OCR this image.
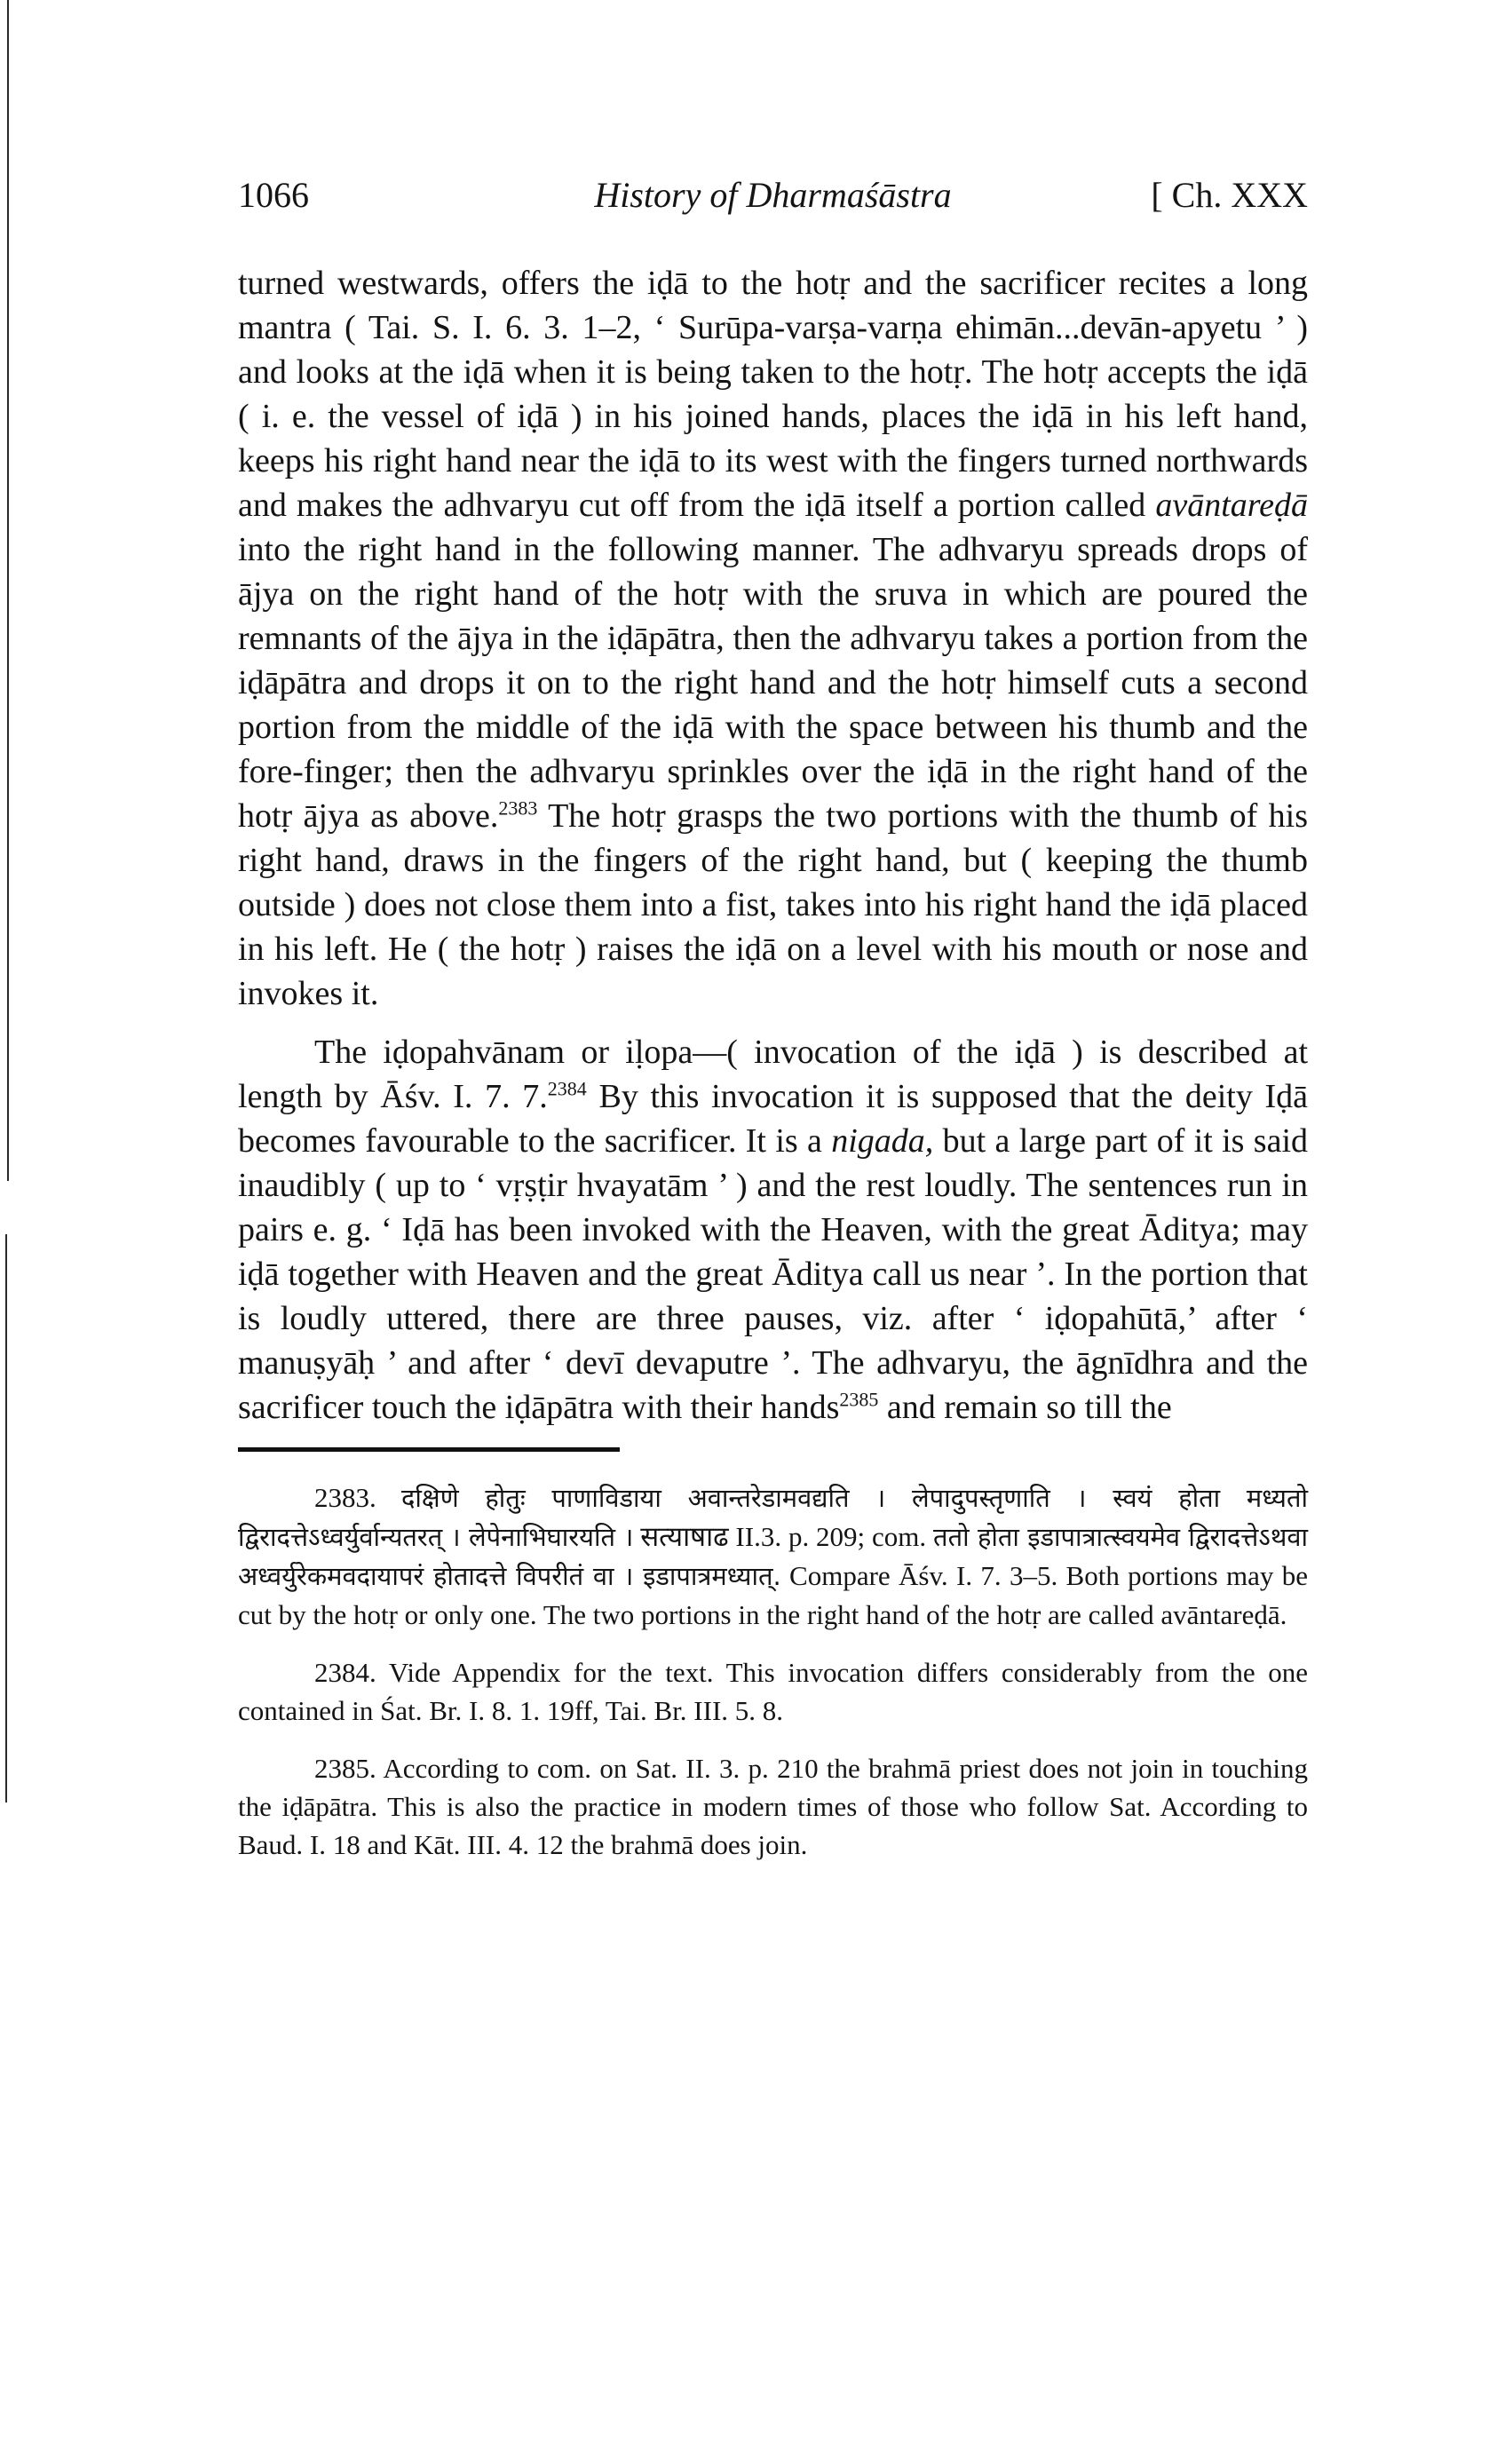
1066	History of Dharmaśāstra	[ Ch. XXX

turned westwards, offers the iḍā to the hotṛ and the sacrificer recites a long mantra ( Tai. S. I. 6. 3. 1–2, ‘ Surūpa-varṣa-varṇa ehimān...devān-apyetu ’ ) and looks at the iḍā when it is being taken to the hotṛ. The hotṛ accepts the iḍā ( i. e. the vessel of iḍā ) in his joined hands, places the iḍā in his left hand, keeps his right hand near the iḍā to its west with the fingers turned northwards and makes the adhvaryu cut off from the iḍā itself a portion called avāntareḍā into the right hand in the following manner. The adhvaryu spreads drops of ājya on the right hand of the hotṛ with the sruva in which are poured the remnants of the ājya in the iḍāpātra, then the adhvaryu takes a portion from the iḍāpātra and drops it on to the right hand and the hotṛ himself cuts a second portion from the middle of the iḍā with the space between his thumb and the fore-finger; then the adhvaryu sprinkles over the iḍā in the right hand of the hotṛ ājya as above.$^{2383}$ The hotṛ grasps the two portions with the thumb of his right hand, draws in the fingers of the right hand, but ( keeping the thumb outside ) does not close them into a fist, takes into his right hand the iḍā placed in his left. He ( the hotṛ ) raises the iḍā on a level with his mouth or nose and invokes it.

The iḍopahvānam or iḷopa—( invocation of the iḍā ) is described at length by Āśv. I. 7. 7.$^{2384}$ By this invocation it is supposed that the deity Iḍā becomes favourable to the sacrificer. It is a nigada, but a large part of it is said inaudibly ( up to ‘ vṛṣṭir hvayatām ’ ) and the rest loudly. The sentences run in pairs e. g. ‘ Iḍā has been invoked with the Heaven, with the great Āditya; may iḍā together with Heaven and the great Āditya call us near ’. In the portion that is loudly uttered, there are three pauses, viz. after ‘ iḍopahūtā,’ after ‘ manuṣyāḥ ’ and after ‘ devī devaputre ’. The adhvaryu, the āgnīdhra and the sacrificer touch the iḍāpātra with their hands$^{2385}$ and remain so till the

2383. दक्षिणे होतुः पाणाविडाया अवान्तरेडामवद्यति । लेपादुपस्तृणाति । स्वयं होता मध्यतो द्विरादत्तेऽध्वर्युर्वान्यतरत् । लेपेनाभिघारयति । सत्याषाढ II.3. p. 209; com. ततो होता इडापात्रात्स्वयमेव द्विरादत्तेऽथवा अध्वर्युरेकमवदायापरं होतादत्ते विपरीतं वा । इडापात्रमध्यात्. Compare Āśv. I. 7. 3–5. Both portions may be cut by the hotṛ or only one. The two portions in the right hand of the hotṛ are called avāntareḍā.

2384. Vide Appendix for the text. This invocation differs considerably from the one contained in Śat. Br. I. 8. 1. 19ff, Tai. Br. III. 5. 8.

2385. According to com. on Sat. II. 3. p. 210 the brahmā priest does not join in touching the iḍāpātra. This is also the practice in modern times of those who follow Sat. According to Baud. I. 18 and Kāt. III. 4. 12 the brahmā does join.
